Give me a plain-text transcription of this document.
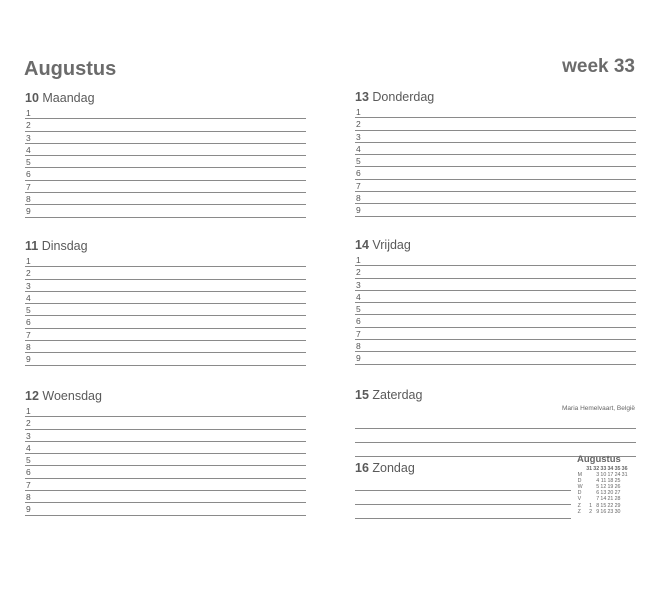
Augustus	week 33
10 Maandag
1
2
3
4
5
6
7
8
9
11 Dinsdag
1
2
3
4
5
6
7
8
9
12 Woensdag
1
2
3
4
5
6
7
8
9
13 Donderdag
1
2
3
4
5
6
7
8
9
14 Vrijdag
1
2
3
4
5
6
7
8
9
15 Zaterdag
16 Zondag
Maria Hemelvaart, België
Augustus
	31	32	33	34	35	36
M		3	10	17	24	31
D		4	11	18	25	
W		5	12	19	26	
D		6	13	20	27	
V		7	14	21	28	
Z	1	8	15	22	29	
Z	2	9	16	23	30	
